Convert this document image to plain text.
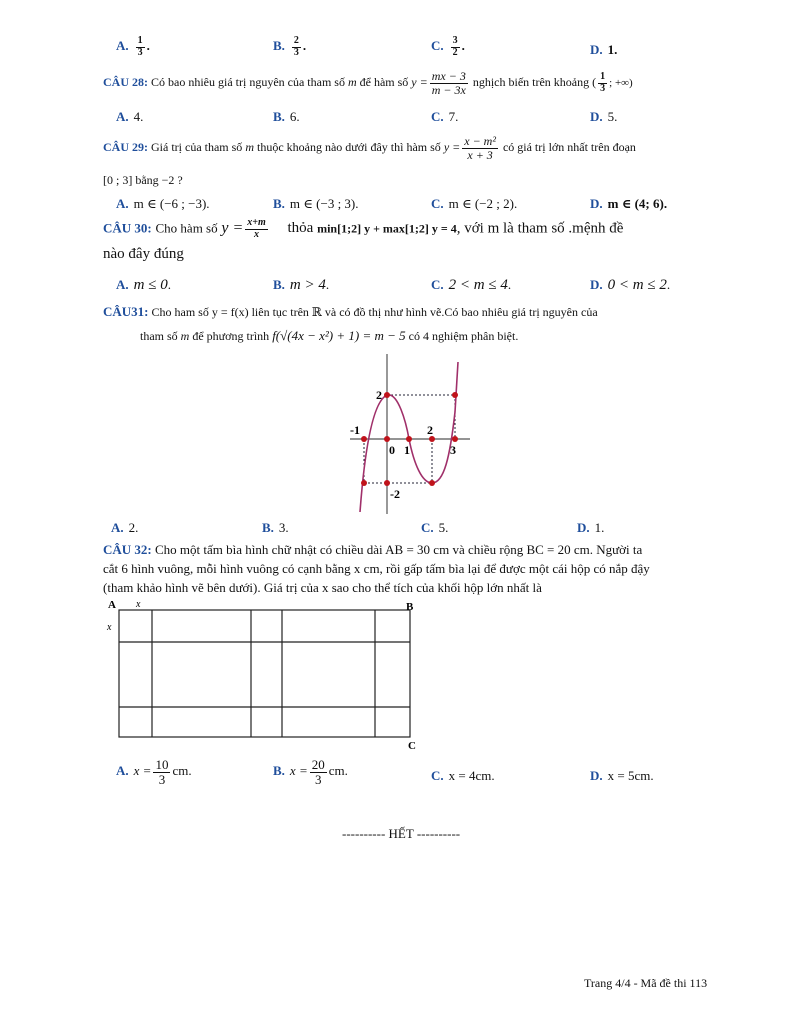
A. $\frac{1}{3}$ .	B. $\frac{2}{3}$ .	C. $\frac{3}{2}$ .	D. 1.
CÂU 28: Có bao nhiêu giá trị nguyên của tham số m để hàm số $y = \frac{mx - 3}{m - 3x}$ nghịch biến trên khoảng ( $\frac{1}{3}$ ; +∞)
A. 4.	B. 6.	C. 7.	D. 5.
CÂU 29: Giá trị của tham số m thuộc khoảng nào dưới đây thì hàm số $y = \frac{\text{x − m²}}{x + 3}$ có giá trị lớn nhất trên đoạn
[0 ; 3] bằng −2 ?
A. m ∈ (−6 ; −3).	B. m ∈ (−3 ; 3).	C. m ∈ (−2 ; 2).	D. m ∈ (4; 6).
CÂU 30: Cho hàm số $y = \frac{x+m}{x}$ thỏa min[1;2] y + max[1;2] y = 4, với m là tham số .mệnh đề
nào đây đúng
A. m ≤ 0.	B. m > 4.	C. 2 < m ≤ 4.	D. 0 < m ≤ 2.
CÂU31: Cho ham số y = f(x) liên tục trên ℝ và có đồ thị như hình vẽ.Có bao nhiêu giá trị nguyên của
tham số m để phương trình f(√(4x − x²) + 1) = m − 5 có 4 nghiệm phân biệt.
2
-1
0 1
2
3
-2
A. 2.	B. 3.	C. 5.	D. 1.
CÂU 32: Cho một tấm bìa hình chữ nhật có chiều dài AB = 30 cm và chiều rộng BC = 20 cm. Người ta
cắt 6 hình vuông, mỗi hình vuông có cạnh bằng x cm, rồi gấp tấm bìa lại để được một cái hộp có nắp đậy
(tham khảo hình vẽ bên dưới). Giá trị của x sao cho thể tích của khối hộp lớn nhất là
A x
x
B
C
A. $x = \frac{10}{3}$ cm.	B. $x = \frac{20}{3}$ cm.	C. x = 4cm.	D. x = 5cm.
---------- HẾT ----------
Trang 4/4 - Mã đề thi 113
